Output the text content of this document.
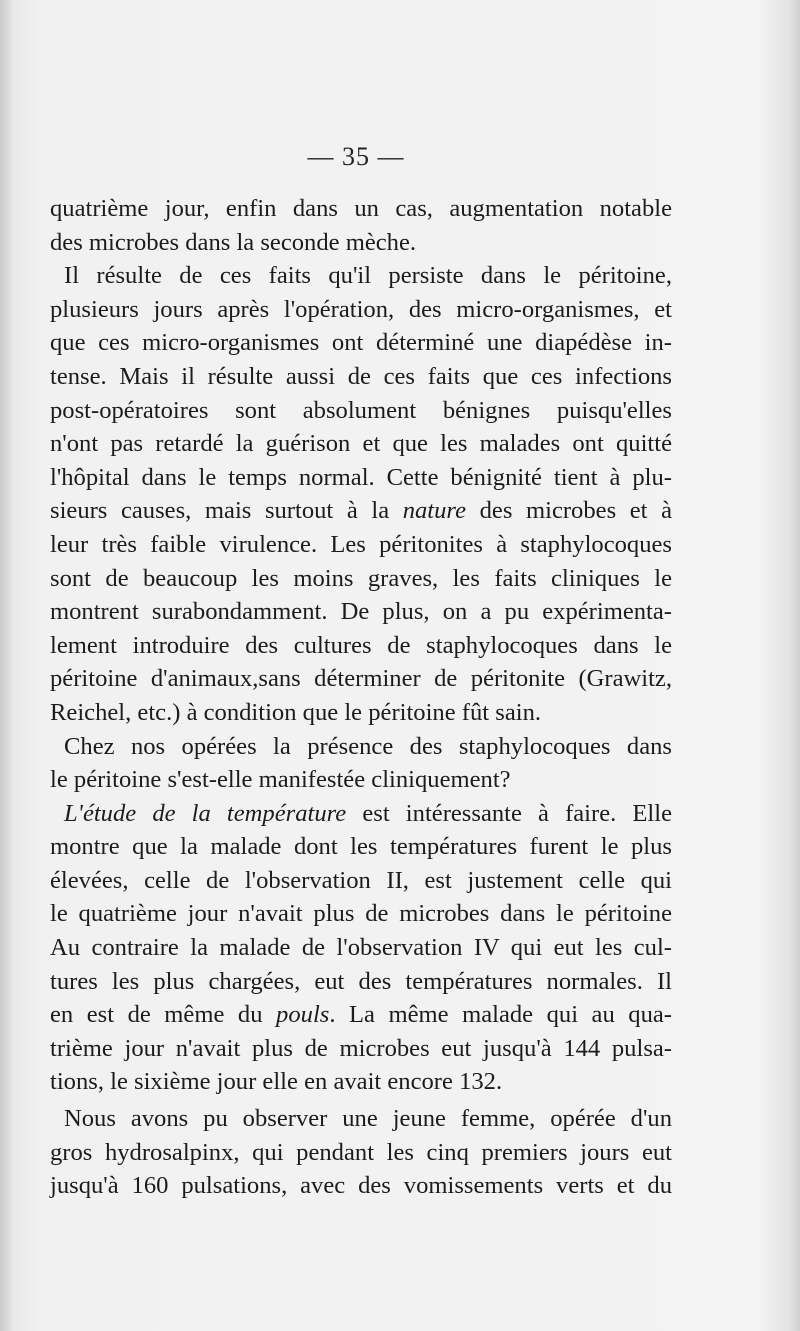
— 35 —
quatrième jour, enfin dans un cas, augmentation notable
des microbes dans la seconde mèche.
Il résulte de ces faits qu'il persiste dans le péritoine,
plusieurs jours après l'opération, des micro-organismes, et
que ces micro-organismes ont déterminé une diapédèse in-
tense. Mais il résulte aussi de ces faits que ces infections
post-opératoires sont absolument bénignes puisqu'elles
n'ont pas retardé la guérison et que les malades ont quitté
l'hôpital dans le temps normal. Cette bénignité tient à plu-
sieurs causes, mais surtout à la nature des microbes et à
leur très faible virulence. Les péritonites à staphylocoques
sont de beaucoup les moins graves, les faits cliniques le
montrent surabondamment. De plus, on a pu expérimenta-
lement introduire des cultures de staphylocoques dans le
péritoine d'animaux,sans déterminer de péritonite (Grawitz,
Reichel, etc.) à condition que le péritoine fût sain.
Chez nos opérées la présence des staphylocoques dans
le péritoine s'est-elle manifestée cliniquement?
L'étude de la température est intéressante à faire. Elle
montre que la malade dont les températures furent le plus
élevées, celle de l'observation II, est justement celle qui
le quatrième jour n'avait plus de microbes dans le péritoine
Au contraire la malade de l'observation IV qui eut les cul-
tures les plus chargées, eut des températures normales. Il
en est de même du pouls. La même malade qui au qua-
trième jour n'avait plus de microbes eut jusqu'à 144 pulsa-
tions, le sixième jour elle en avait encore 132.
Nous avons pu observer une jeune femme, opérée d'un
gros hydrosalpinx, qui pendant les cinq premiers jours eut
jusqu'à 160 pulsations, avec des vomissements verts et du
